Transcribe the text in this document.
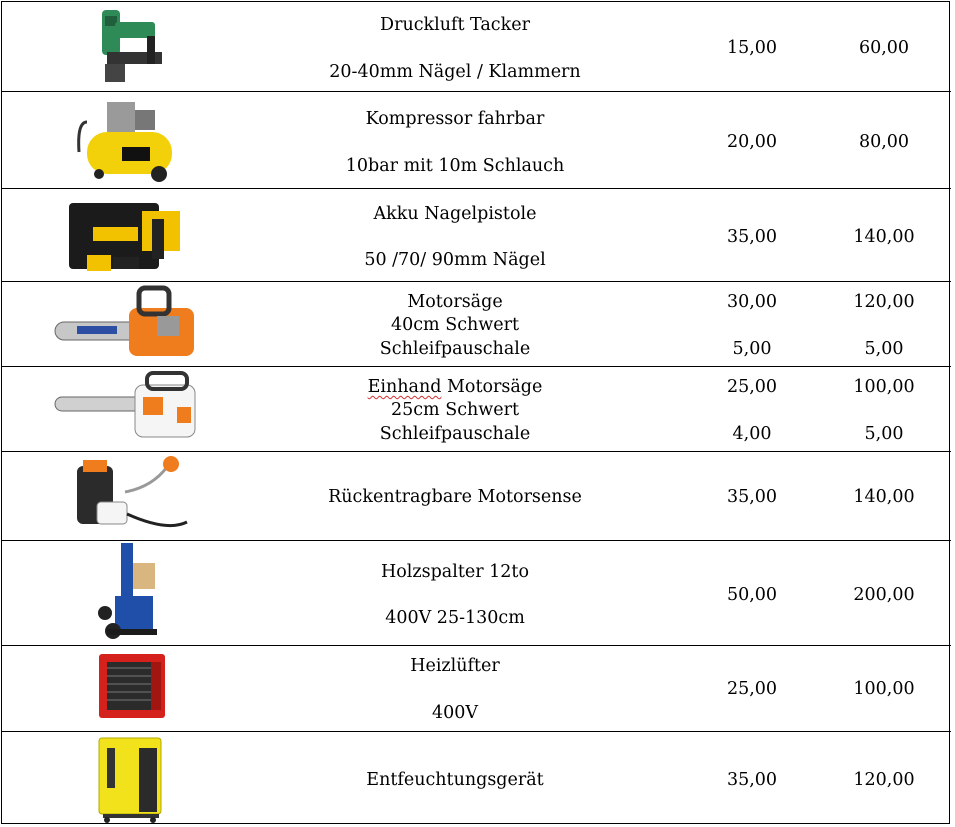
Druckluft Tacker
20-40mm Nägel / Klammern
15,00	60,00
Kompressor fahrbar
10bar mit 10m Schlauch
20,00	80,00
Akku Nagelpistole
50 /70/ 90mm Nägel
35,00	140,00
Motorsäge
40cm Schwert
Schleifpauschale
30,00	120,00
5,00	5,00
Einhand Motorsäge
25cm Schwert
Schleifpauschale
25,00	100,00
4,00	5,00
Rückentragbare Motorsense	35,00	140,00
Holzspalter 12to
400V 25-130cm
50,00	200,00
Heizlüfter
400V
25,00	100,00
Entfeuchtungsgerät	35,00	120,00
